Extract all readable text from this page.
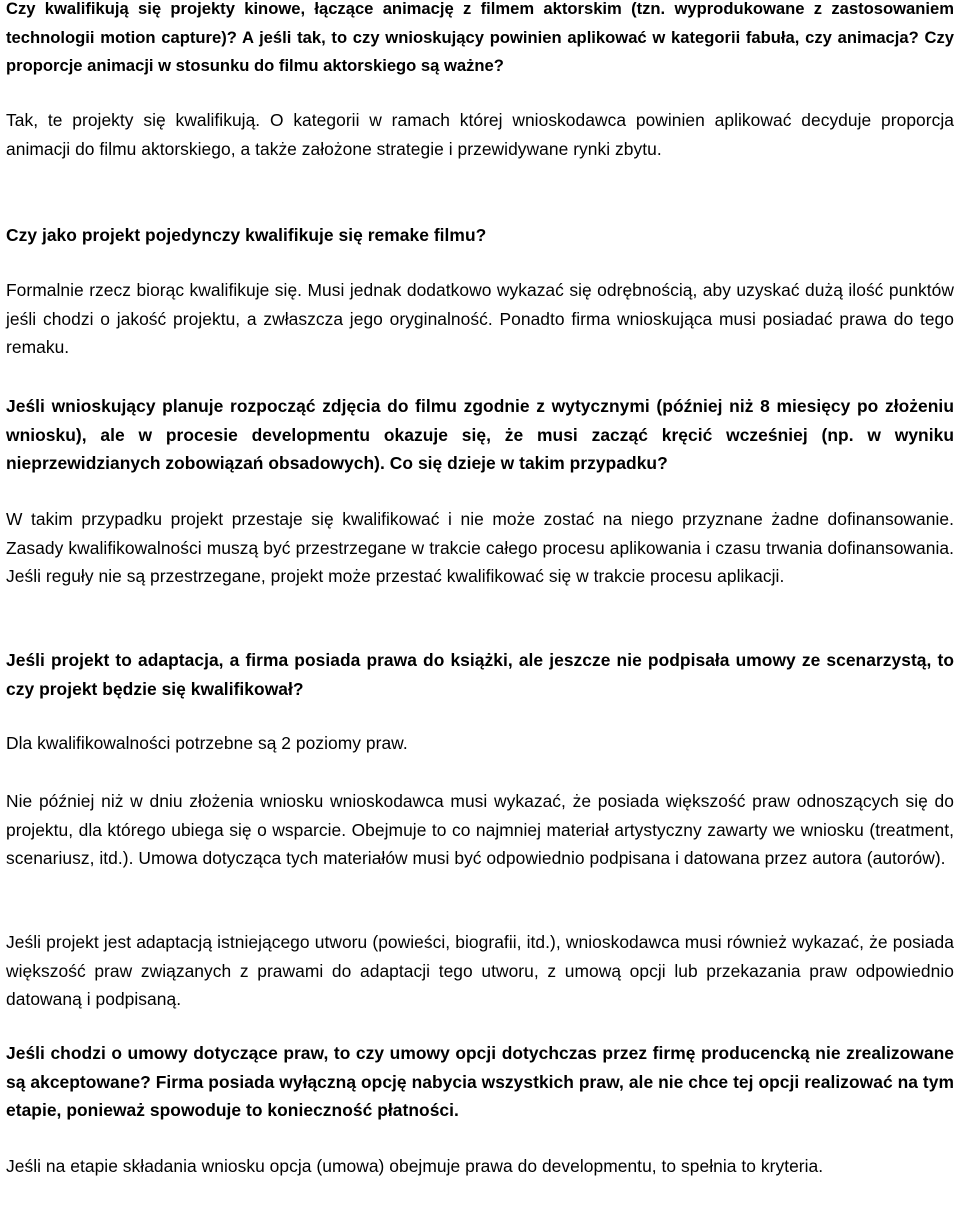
Czy kwalifikują się projekty kinowe, łączące animację z filmem aktorskim (tzn. wyprodukowane z zastosowaniem technologii motion capture)? A jeśli tak, to czy wnioskujący powinien aplikować w kategorii fabuła, czy animacja? Czy proporcje animacji w stosunku do filmu aktorskiego są ważne?

Tak, te projekty się kwalifikują. O kategorii w ramach której wnioskodawca powinien aplikować decyduje proporcja animacji do filmu aktorskiego, a także założone strategie i przewidywane rynki zbytu.

Czy jako projekt pojedynczy kwalifikuje się remake filmu?

Formalnie rzecz biorąc kwalifikuje się. Musi jednak dodatkowo wykazać się odrębnością, aby uzyskać dużą ilość punktów jeśli chodzi o jakość projektu, a zwłaszcza jego oryginalność. Ponadto firma wnioskująca musi posiadać prawa do tego remaku.

Jeśli wnioskujący planuje rozpocząć zdjęcia do filmu zgodnie z wytycznymi (później niż 8 miesięcy po złożeniu wniosku), ale w procesie developmentu okazuje się, że musi zacząć kręcić wcześniej (np. w wyniku nieprzewidzianych zobowiązań obsadowych). Co się dzieje w takim przypadku?

W takim przypadku projekt przestaje się kwalifikować i nie może zostać na niego przyznane żadne dofinansowanie. Zasady kwalifikowalności muszą być przestrzegane w trakcie całego procesu aplikowania i czasu trwania dofinansowania. Jeśli reguły nie są przestrzegane, projekt może przestać kwalifikować się w trakcie procesu aplikacji.

Jeśli projekt to adaptacja, a firma posiada prawa do książki, ale jeszcze nie podpisała umowy ze scenarzystą, to czy projekt będzie się kwalifikował?

Dla kwalifikowalności potrzebne są 2 poziomy praw.

Nie później niż w dniu złożenia wniosku wnioskodawca musi wykazać, że posiada większość praw odnoszących się do projektu, dla którego ubiega się o wsparcie. Obejmuje to co najmniej materiał artystyczny zawarty we wniosku (treatment, scenariusz, itd.). Umowa dotycząca tych materiałów musi być odpowiednio podpisana i datowana przez autora (autorów).

Jeśli projekt jest adaptacją istniejącego utworu (powieści, biografii, itd.), wnioskodawca musi również wykazać, że posiada większość praw związanych z prawami do adaptacji tego utworu, z umową opcji lub przekazania praw odpowiednio datowaną i podpisaną.

Jeśli chodzi o umowy dotyczące praw, to czy umowy opcji dotychczas przez firmę producencką nie zrealizowane są akceptowane? Firma posiada wyłączną opcję nabycia wszystkich praw, ale nie chce tej opcji realizować na tym etapie, ponieważ spowoduje to konieczność płatności.

Jeśli na etapie składania wniosku opcja (umowa) obejmuje prawa do developmentu, to spełnia to kryteria.
